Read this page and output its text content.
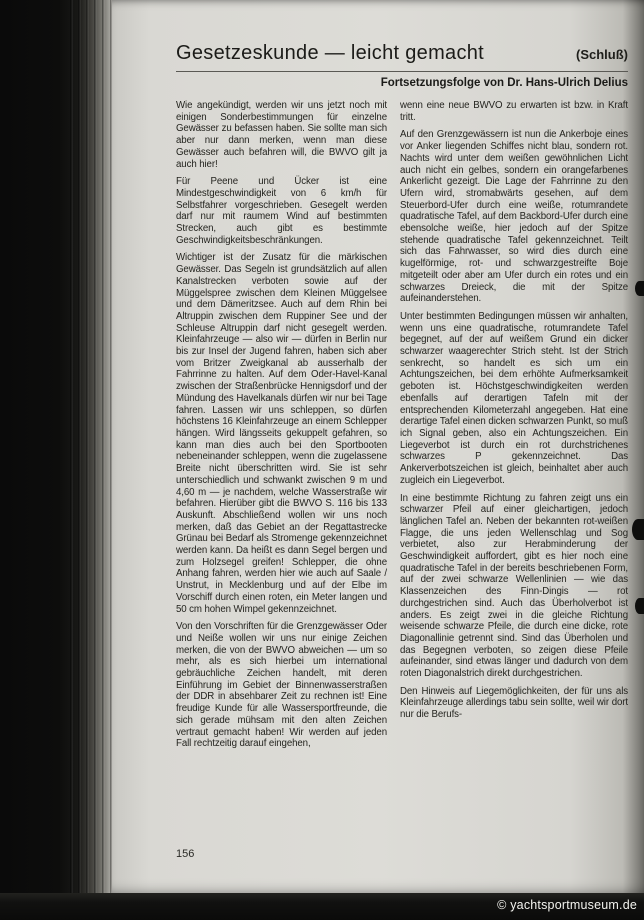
Gesetzeskunde — leicht gemacht	(Schluß)
Fortsetzungsfolge von Dr. Hans-Ulrich Delius

Wie angekündigt, werden wir uns jetzt noch mit einigen Sonderbestimmungen für einzelne Gewässer zu befassen haben. Sie sollte man sich aber nur dann merken, wenn man diese Gewässer auch befahren will, die BWVO gilt ja auch hier!

Für Peene und Ücker ist eine Mindestgeschwindigkeit von 6 km/h für Selbstfahrer vorgeschrieben. Gesegelt werden darf nur mit raumem Wind auf bestimmten Strecken, auch gibt es bestimmte Geschwindigkeitsbeschränkungen.

Wichtiger ist der Zusatz für die märkischen Gewässer. Das Segeln ist grundsätzlich auf allen Kanalstrecken verboten sowie auf der Müggelspree zwischen dem Kleinen Müggelsee und dem Dämeritzsee. Auch auf dem Rhin bei Altruppin zwischen dem Ruppiner See und der Schleuse Altruppin darf nicht gesegelt werden. Kleinfahrzeuge — also wir — dürfen in Berlin nur bis zur Insel der Jugend fahren, haben sich aber vom Britzer Zweigkanal ab ausserhalb der Fahrrinne zu halten. Auf dem Oder-Havel-Kanal zwischen der Straßenbrücke Hennigsdorf und der Mündung des Havelkanals dürfen wir nur bei Tage fahren. Lassen wir uns schleppen, so dürfen höchstens 16 Kleinfahrzeuge an einem Schlepper hängen. Wird längsseits gekuppelt gefahren, so kann man dies auch bei den Sportbooten nebeneinander schleppen, wenn die zugelassene Breite nicht überschritten wird. Sie ist sehr unterschiedlich und schwankt zwischen 9 m und 4,60 m — je nachdem, welche Wasserstraße wir befahren. Hierüber gibt die BWVO S. 116 bis 133 Auskunft. Abschließend wollen wir uns noch merken, daß das Gebiet an der Regattastrecke Grünau bei Bedarf als Stromenge gekennzeichnet werden kann. Da heißt es dann Segel bergen und zum Holzsegel greifen! Schlepper, die ohne Anhang fahren, werden hier wie auch auf Saale / Unstrut, in Mecklenburg und auf der Elbe im Vorschiff durch einen roten, ein Meter langen und 50 cm hohen Wimpel gekennzeichnet.

Von den Vorschriften für die Grenzgewässer Oder und Neiße wollen wir uns nur einige Zeichen merken, die von der BWVO abweichen — um so mehr, als es sich hierbei um international gebräuchliche Zeichen handelt, mit deren Einführung im Gebiet der Binnenwasserstraßen der DDR in absehbarer Zeit zu rechnen ist! Eine freudige Kunde für alle Wassersportfreunde, die sich gerade mühsam mit den alten Zeichen vertraut gemacht haben! Wir werden auf jeden Fall rechtzeitig darauf eingehen,

wenn eine neue BWVO zu erwarten ist bzw. in Kraft tritt.

Auf den Grenzgewässern ist nun die Ankerboje eines vor Anker liegenden Schiffes nicht blau, sondern rot. Nachts wird unter dem weißen gewöhnlichen Licht auch nicht ein gelbes, sondern ein orangefarbenes Ankerlicht gezeigt. Die Lage der Fahrrinne zu den Ufern wird, stromabwärts gesehen, auf dem Steuerbord-Ufer durch eine weiße, rotumrandete quadratische Tafel, auf dem Backbord-Ufer durch eine ebensolche weiße, hier jedoch auf der Spitze stehende quadratische Tafel gekennzeichnet. Teilt sich das Fahrwasser, so wird dies durch eine kugelförmige, rot- und schwarzgestreifte Boje mitgeteilt oder aber am Ufer durch ein rotes und ein schwarzes Dreieck, die mit der Spitze aufeinanderstehen.

Unter bestimmten Bedingungen müssen wir anhalten, wenn uns eine quadratische, rotumrandete Tafel begegnet, auf der auf weißem Grund ein dicker schwarzer waagerechter Strich steht. Ist der Strich senkrecht, so handelt es sich um ein Achtungszeichen, bei dem erhöhte Aufmerksamkeit geboten ist. Höchstgeschwindigkeiten werden ebenfalls auf derartigen Tafeln mit der entsprechenden Kilometerzahl angegeben. Hat eine derartige Tafel einen dicken schwarzen Punkt, so muß ich Signal geben, also ein Achtungszeichen. Ein Liegeverbot ist durch ein rot durchstrichenes schwarzes P gekennzeichnet. Das Ankerverbotszeichen ist gleich, beinhaltet aber auch zugleich ein Liegeverbot.

In eine bestimmte Richtung zu fahren zeigt uns ein schwarzer Pfeil auf einer gleichartigen, jedoch länglichen Tafel an. Neben der bekannten rot-weißen Flagge, die uns jeden Wellenschlag und Sog verbietet, also zur Herabminderung der Geschwindigkeit auffordert, gibt es hier noch eine quadratische Tafel in der bereits beschriebenen Form, auf der zwei schwarze Wellenlinien — wie das Klassenzeichen des Finn-Dingis — rot durchgestrichen sind. Auch das Überholverbot ist anders. Es zeigt zwei in die gleiche Richtung weisende schwarze Pfeile, die durch eine dicke, rote Diagonallinie getrennt sind. Sind das Überholen und das Begegnen verboten, so zeigen diese Pfeile aufeinander, sind etwas länger und dadurch von dem roten Diagonalstrich direkt durchgestrichen.

Den Hinweis auf Liegemöglichkeiten, der für uns als Kleinfahrzeuge allerdings tabu sein sollte, weil wir dort nur die Berufs-

156
© yachtsportmuseum.de
